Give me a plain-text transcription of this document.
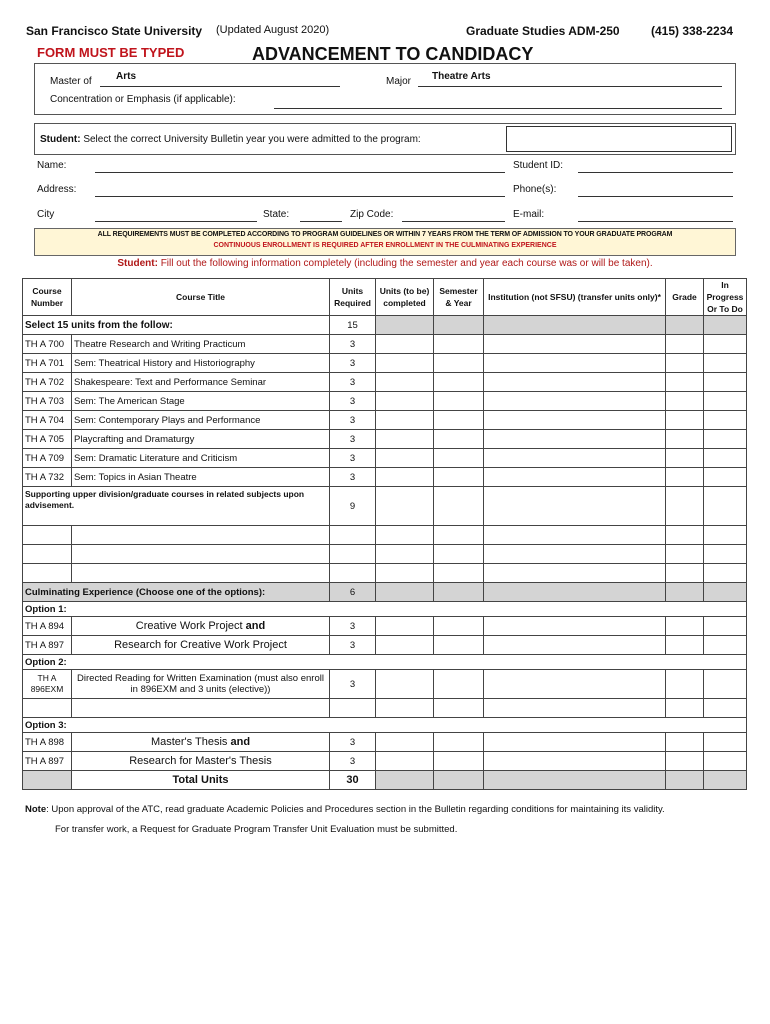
San Francisco State University (Updated August 2020)	Graduate Studies ADM-250	(415) 338-2234
FORM MUST BE TYPED	ADVANCEMENT TO CANDIDACY
Master of Arts	Major Theatre Arts
Concentration or Emphasis (if applicable):
Student: Select the correct University Bulletin year you were admitted to the program:
Name:	Student ID:
Address:	Phone(s):
City	State:	Zip Code:	E-mail:
ALL REQUIREMENTS MUST BE COMPLETED ACCORDING TO PROGRAM GUIDELINES OR WITHIN 7 YEARS FROM THE TERM OF ADMISSION TO YOUR GRADUATE PROGRAM
CONTINUOUS ENROLLMENT IS REQUIRED AFTER ENROLLMENT IN THE CULMINATING EXPERIENCE
Student: Fill out the following information completely (including the semester and year each course was or will be taken).
Course Number	Course Title	Units Required	Units (to be) completed	Semester & Year	Institution (not SFSU) (transfer units only)*	Grade	In Progress Or To Do
Select 15 units from the follow:		15					
TH A 700	Theatre Research and Writing Practicum	3					
TH A 701	Sem: Theatrical History and Historiography	3					
TH A 702	Shakespeare: Text and Performance Seminar	3					
TH A 703	Sem: The American Stage	3					
TH A 704	Sem: Contemporary Plays and Performance	3					
TH A 705	Playcrafting and Dramaturgy	3					
TH A 709	Sem: Dramatic Literature and Criticism	3					
TH A 732	Sem: Topics in Asian Theatre	3					
Supporting upper division/graduate courses in related subjects upon advisement.		9					

Culminating Experience (Choose one of the options):		6					
Option 1:							
TH A 894	Creative Work Project and	3					
TH A 897	Research for Creative Work Project	3					
Option 2:							
TH A 896EXM	Directed Reading for Written Examination (must also enroll in 896EXM and 3 units (elective))	3					

Option 3:							
TH A 898	Master's Thesis and	3					
TH A 897	Research for Master's Thesis	3					
	Total Units	30					
Note: Upon approval of the ATC, read graduate Academic Policies and Procedures section in the Bulletin regarding conditions for maintaining its validity.
For transfer work, a Request for Graduate Program Transfer Unit Evaluation must be submitted.
